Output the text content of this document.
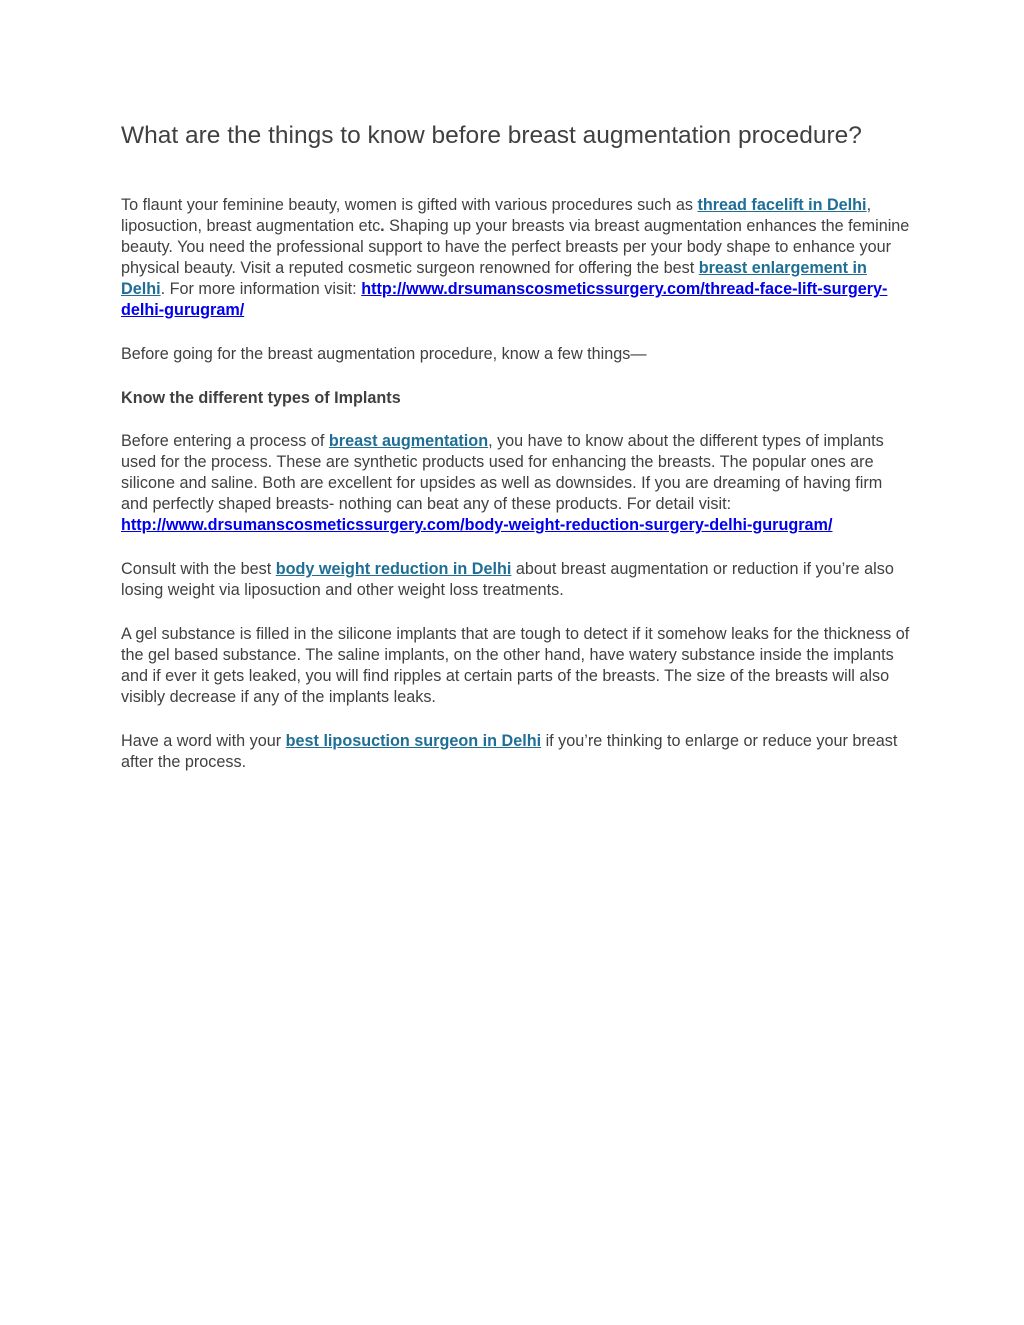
What are the things to know before breast augmentation procedure?

To flaunt your feminine beauty, women is gifted with various procedures such as thread facelift in Delhi, liposuction, breast augmentation etc. Shaping up your breasts via breast augmentation enhances the feminine beauty. You need the professional support to have the perfect breasts per your body shape to enhance your physical beauty. Visit a reputed cosmetic surgeon renowned for offering the best breast enlargement in Delhi. For more information visit: http://www.drsumanscosmeticssurgery.com/thread-face-lift-surgery-delhi-gurugram/

Before going for the breast augmentation procedure, know a few things—

Know the different types of Implants

Before entering a process of breast augmentation, you have to know about the different types of implants used for the process. These are synthetic products used for enhancing the breasts. The popular ones are silicone and saline. Both are excellent for upsides as well as downsides. If you are dreaming of having firm and perfectly shaped breasts- nothing can beat any of these products. For detail visit: http://www.drsumanscosmeticssurgery.com/body-weight-reduction-surgery-delhi-gurugram/

Consult with the best body weight reduction in Delhi about breast augmentation or reduction if you’re also losing weight via liposuction and other weight loss treatments.

A gel substance is filled in the silicone implants that are tough to detect if it somehow leaks for the thickness of the gel based substance. The saline implants, on the other hand, have watery substance inside the implants and if ever it gets leaked, you will find ripples at certain parts of the breasts. The size of the breasts will also visibly decrease if any of the implants leaks.

Have a word with your best liposuction surgeon in Delhi if you’re thinking to enlarge or reduce your breast after the process.
